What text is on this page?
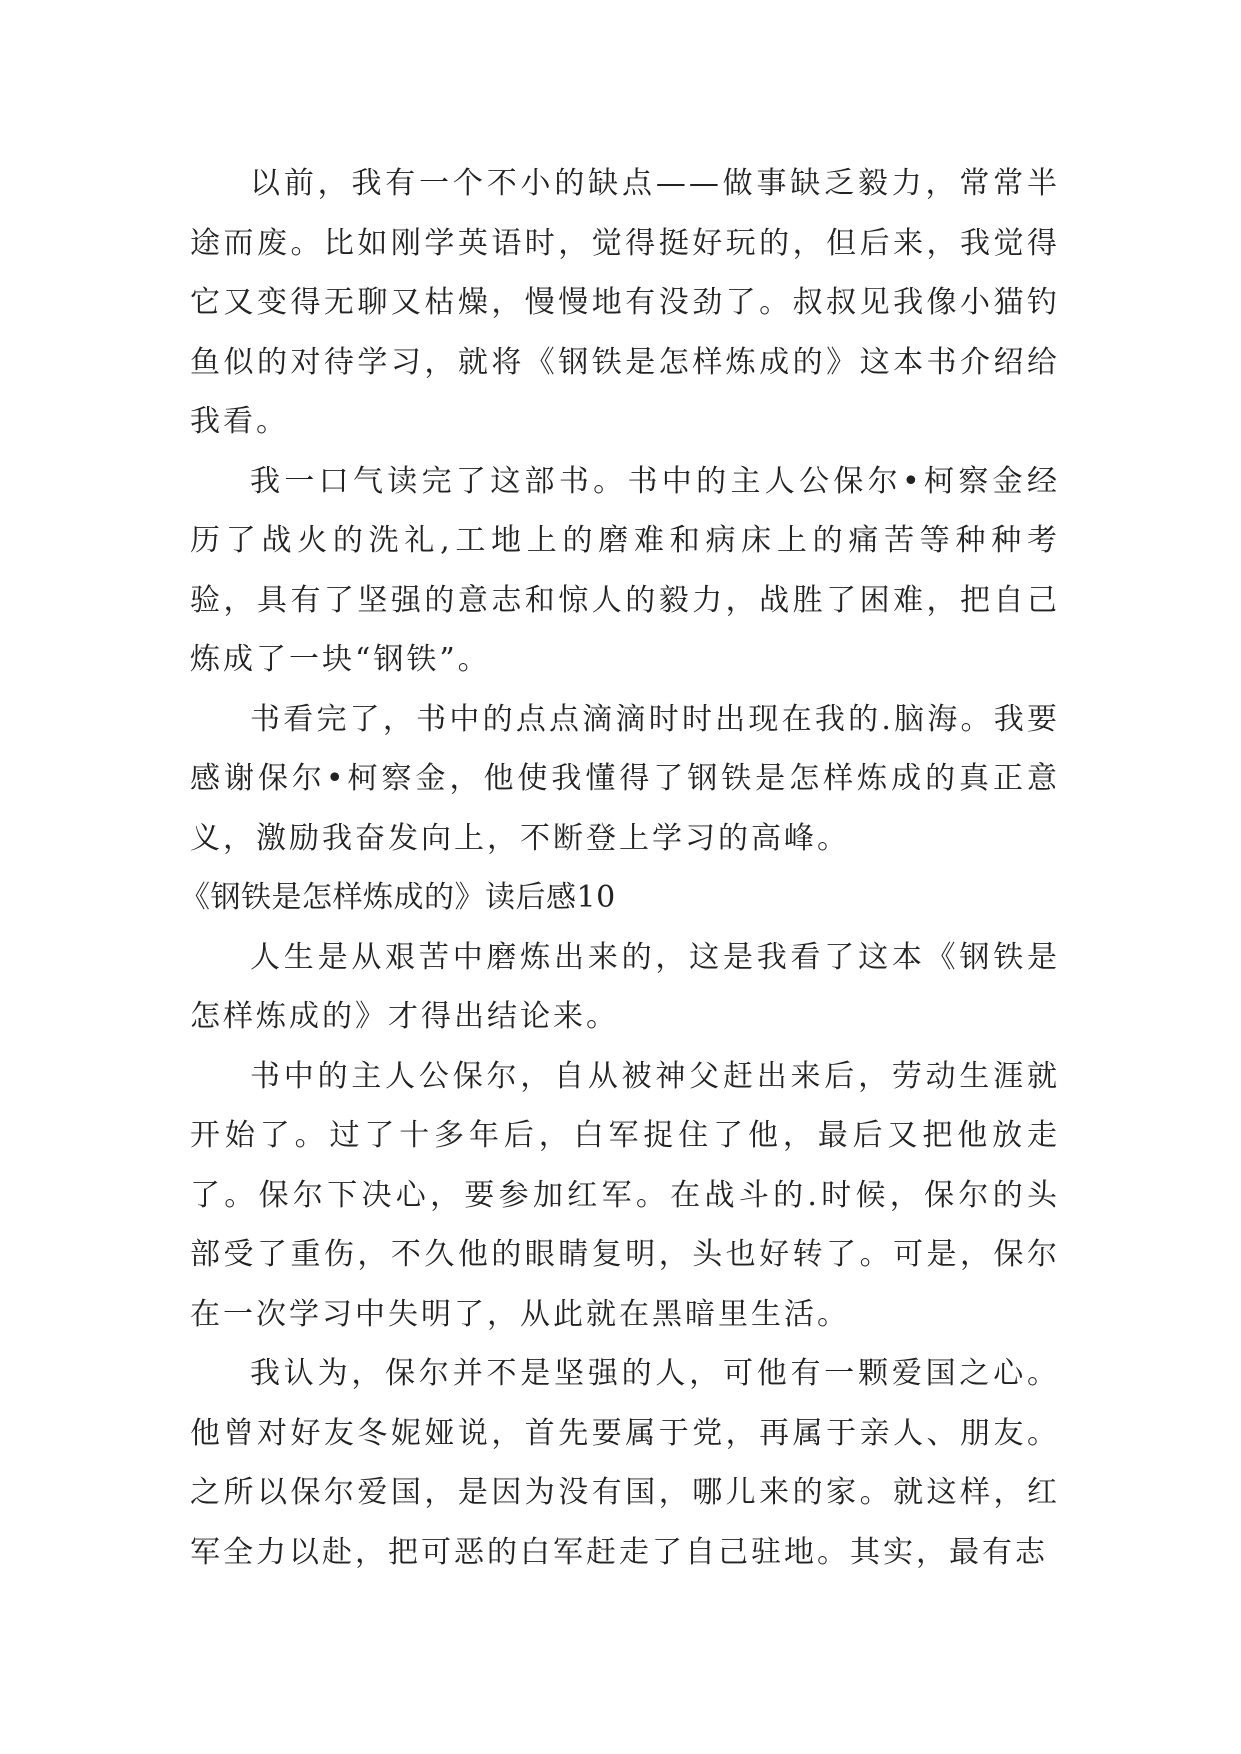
以前，我有一个不小的缺点——做事缺乏毅力，常常半途而废。比如刚学英语时，觉得挺好玩的，但后来，我觉得它又变得无聊又枯燥，慢慢地有没劲了。叔叔见我像小猫钓鱼似的对待学习，就将《钢铁是怎样炼成的》这本书介绍给我看。

我一口气读完了这部书。书中的主人公保尔•柯察金经历了战火的洗礼,工地上的磨难和病床上的痛苦等种种考验，具有了坚强的意志和惊人的毅力，战胜了困难，把自己炼成了一块“钢铁”。

书看完了，书中的点点滴滴时时出现在我的.脑海。我要感谢保尔•柯察金，他使我懂得了钢铁是怎样炼成的真正意义，激励我奋发向上，不断登上学习的高峰。

《钢铁是怎样炼成的》读后感10

人生是从艰苦中磨炼出来的，这是我看了这本《钢铁是怎样炼成的》才得出结论来。

书中的主人公保尔，自从被神父赶出来后，劳动生涯就开始了。过了十多年后，白军捉住了他，最后又把他放走了。保尔下决心，要参加红军。在战斗的.时候，保尔的头部受了重伤，不久他的眼睛复明，头也好转了。可是，保尔在一次学习中失明了，从此就在黑暗里生活。

我认为，保尔并不是坚强的人，可他有一颗爱国之心。他曾对好友冬妮娅说，首先要属于党，再属于亲人、朋友。之所以保尔爱国，是因为没有国，哪儿来的家。就这样，红军全力以赴，把可恶的白军赶走了自己驻地。其实，最有志
